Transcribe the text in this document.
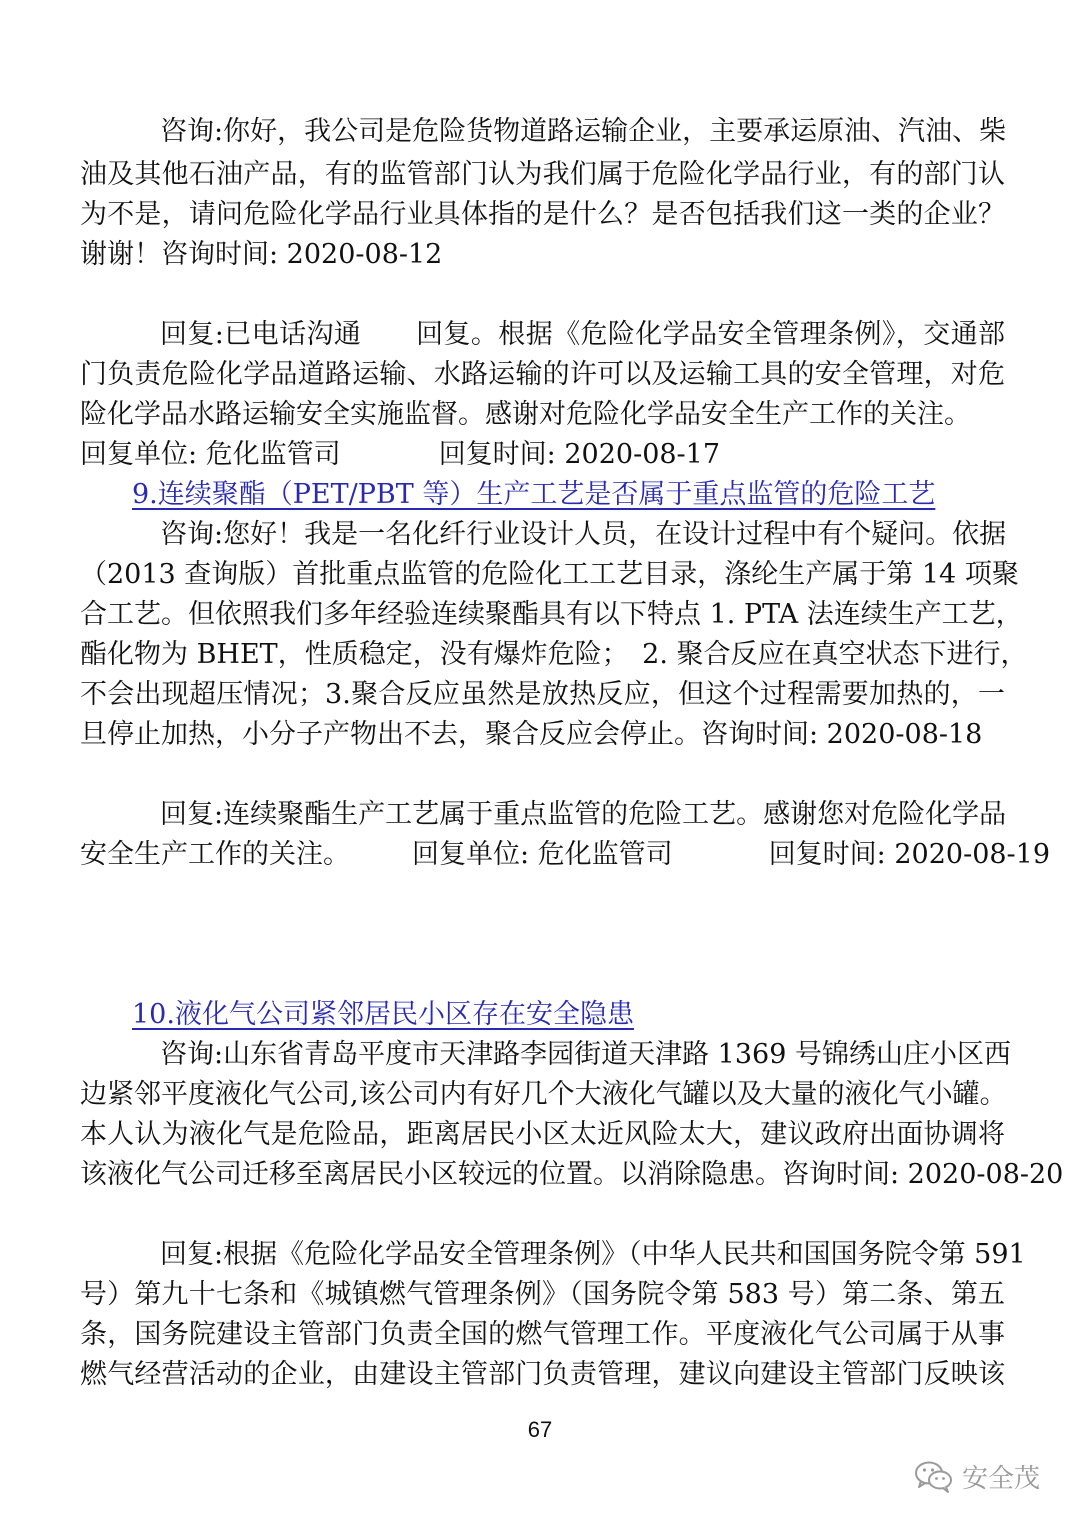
咨询:你好，我公司是危险货物道路运输企业，主要承运原油、汽油、柴
油及其他石油产品，有的监管部门认为我们属于危险化学品行业，有的部门认
为不是，请问危险化学品行业具体指的是什么？是否包括我们这一类的企业？
谢谢！咨询时间: 2020-08-12
回复:已电话沟通　　回复。根据《危险化学品安全管理条例》，交通部
门负责危险化学品道路运输、水路运输的许可以及运输工具的安全管理，对危
险化学品水路运输安全实施监督。感谢对危险化学品安全生产工作的关注。
回复单位: 危化监管司	回复时间: 2020-08-17
9.连续聚酯（PET/PBT 等）生产工艺是否属于重点监管的危险工艺
咨询:您好！我是一名化纤行业设计人员，在设计过程中有个疑问。依据
（2013 查询版）首批重点监管的危险化工工艺目录，涤纶生产属于第 14 项聚
合工艺。但依照我们多年经验连续聚酯具有以下特点 1. PTA 法连续生产工艺，
酯化物为 BHET，性质稳定，没有爆炸危险；　2. 聚合反应在真空状态下进行，
不会出现超压情况；3.聚合反应虽然是放热反应，但这个过程需要加热的，一
旦停止加热，小分子产物出不去，聚合反应会停止。咨询时间: 2020-08-18
回复:连续聚酯生产工艺属于重点监管的危险工艺。感谢您对危险化学品
安全生产工作的关注。 回复单位: 危化监管司	回复时间: 2020-08-19
10.液化气公司紧邻居民小区存在安全隐患
咨询:山东省青岛平度市天津路李园街道天津路 1369 号锦绣山庄小区西
边紧邻平度液化气公司,该公司内有好几个大液化气罐以及大量的液化气小罐。
本人认为液化气是危险品，距离居民小区太近风险太大，建议政府出面协调将
该液化气公司迁移至离居民小区较远的位置。以消除隐患。咨询时间: 2020-08-20
回复:根据《危险化学品安全管理条例》（中华人民共和国国务院令第 591
号）第九十七条和《城镇燃气管理条例》（国务院令第 583 号）第二条、第五
条，国务院建设主管部门负责全国的燃气管理工作。平度液化气公司属于从事
燃气经营活动的企业，由建设主管部门负责管理，建议向建设主管部门反映该
67
安全茂
